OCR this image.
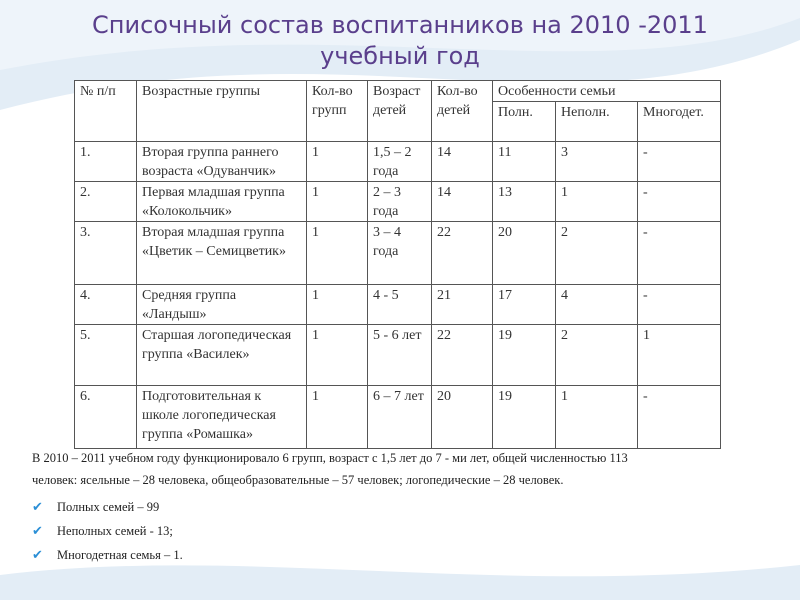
Списочный состав воспитанников на 2010 -2011
учебный год
№ п/п	Возрастные группы	Кол-во групп	Возраст детей	Кол-во детей	Особенности семьи		
					Полн.	Неполн.	Многодет.
1.	Вторая группа раннего возраста «Одуванчик»	1	1,5 – 2 года	14	11	3	-
2.	Первая младшая группа «Колокольчик»	1	2 – 3 года	14	13	1	-
3.	Вторая младшая группа «Цветик – Семицветик»	1	3 – 4 года	22	20	2	-
4.	Средняя группа «Ландыш»	1	4 - 5	21	17	4	-
5.	Старшая логопедическая группа «Василек»	1	5 - 6 лет	22	19	2	1
6.	Подготовительная к школе логопедическая группа «Ромашка»	1	6 – 7 лет	20	19	1	-
В 2010 – 2011 учебном году функционировало 6 групп, возраст с 1,5 лет до 7 - ми лет, общей численностью 113
человек: ясельные – 28 человека, общеобразовательные – 57 человек; логопедические – 28 человек.
✔ Полных семей – 99
✔ Неполных семей - 13;
✔ Многодетная семья – 1.
